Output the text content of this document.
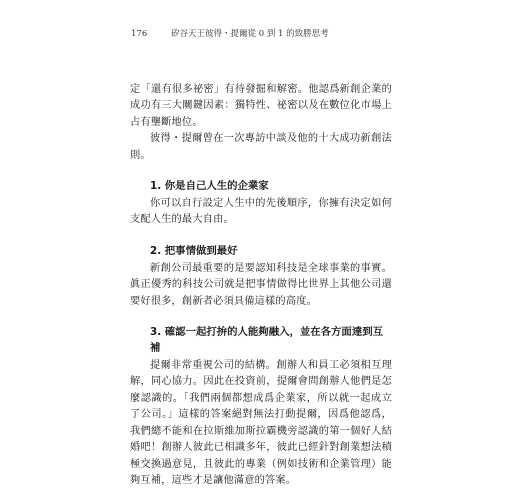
176	矽谷天王彼得・提爾從 0 到 1 的致勝思考

定「還有很多祕密」有待發掘和解密。他認爲新創企業的成功有三大關鍵因素：獨特性、祕密以及在數位化市場上占有壟斷地位。

彼得・提爾曾在一次專訪中談及他的十大成功新創法則。

1. 你是自己人生的企業家

你可以自行設定人生中的先後順序，你擁有決定如何支配人生的最大自由。

2. 把事情做到最好

新創公司最重要的是要認知科技是全球事業的事實。眞正優秀的科技公司就是把事情做得比世界上其他公司還要好很多，創新者必須具備這樣的高度。

3. 確認一起打拚的人能夠融入，並在各方面達到互補

提爾非常重視公司的結構。創辦人和員工必須相互理解，同心協力。因此在投資前，提爾會問創辦人他們是怎麼認識的。「我們兩個都想成爲企業家，所以就一起成立了公司。」這樣的答案絕對無法打動提爾，因爲他認爲，我們總不能和在拉斯維加斯拉霸機旁認識的第一個好人結婚吧！創辦人彼此已相識多年，彼此已經針對創業想法積極交換過意見，且彼此的專業（例如技術和企業管理）能夠互補，這些才是讓他滿意的答案。
